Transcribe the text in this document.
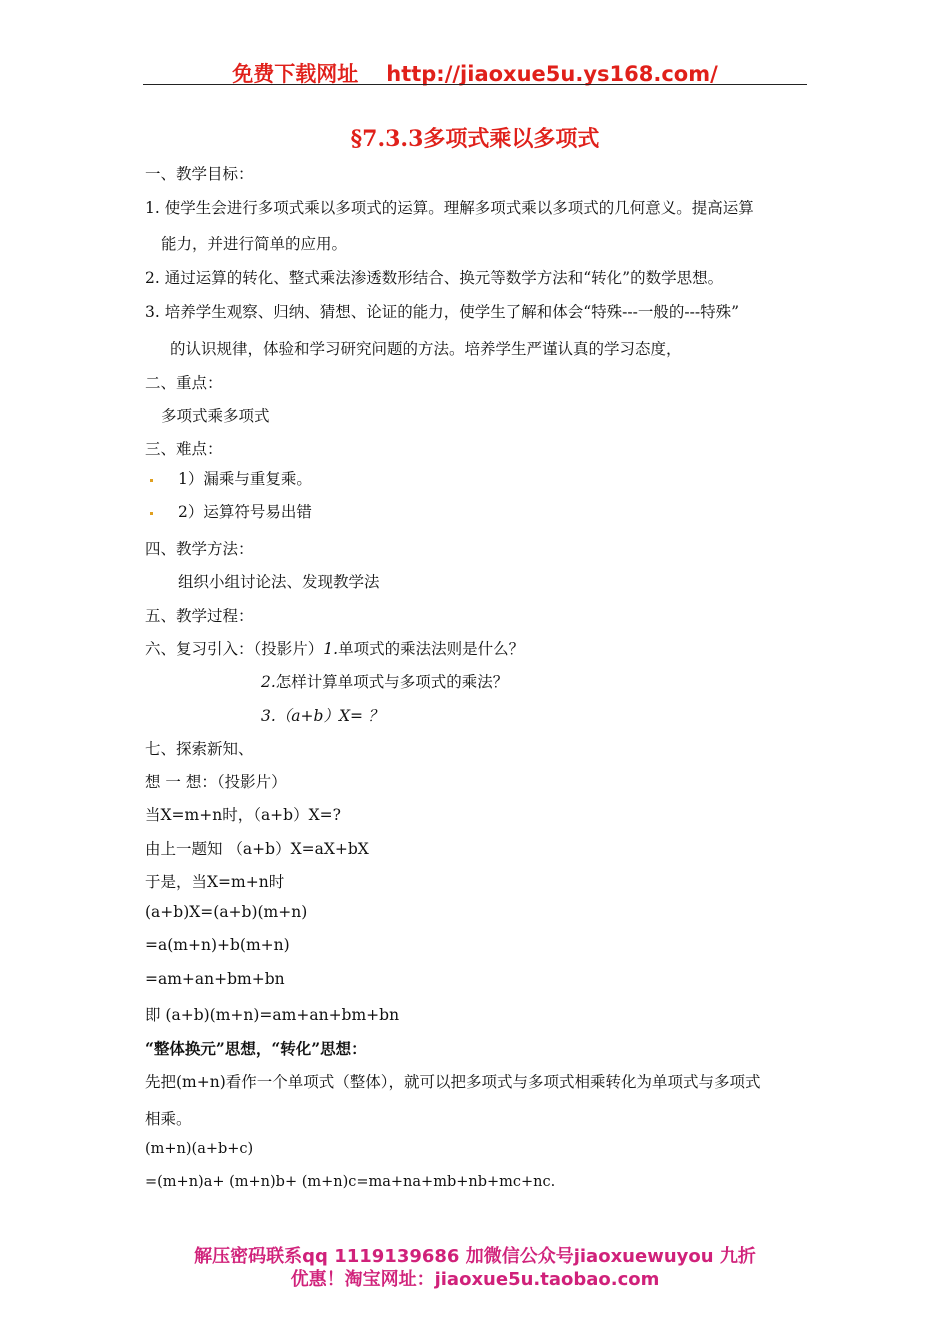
免费下载网址 http://jiaoxue5u.ys168.com/
§7.3.3多项式乘以多项式
一、教学目标：
1. 使学生会进行多项式乘以多项式的运算。理解多项式乘以多项式的几何意义。提高运算
能力，并进行简单的应用。
2. 通过运算的转化、整式乘法渗透数形结合、换元等数学方法和“转化”的数学思想。
3. 培养学生观察、归纳、猜想、论证的能力，使学生了解和体会“特殊---一般的---特殊”
的认识规律，体验和学习研究问题的方法。培养学生严谨认真的学习态度，
二、重点：
多项式乘多项式
三、难点：
1）漏乘与重复乘。
2）运算符号易出错
四、教学方法：
组织小组讨论法、发现教学法
五、教学过程：
六、复习引入：（投影片）1.单项式的乘法法则是什么？
2.怎样计算单项式与多项式的乘法？
3.（a+b）X= ？
七、探索新知、
想 一 想：（投影片）
当X=m+n时，（a+b）X=?
由上一题知 （a+b）X=aX+bX
于是，当X=m+n时
(a+b)X=(a+b)(m+n)
=a(m+n)+b(m+n)
=am+an+bm+bn
即 (a+b)(m+n)=am+an+bm+bn
“整体换元”思想，“转化”思想：
先把(m+n)看作一个单项式（整体），就可以把多项式与多项式相乘转化为单项式与多项式
相乘。
(m+n)(a+b+c)
=(m+n)a+ (m+n)b+ (m+n)c=ma+na+mb+nb+mc+nc.
解压密码联系qq 1119139686 加微信公众号jiaoxuewuyou 九折
优惠！淘宝网址：jiaoxue5u.taobao.com
